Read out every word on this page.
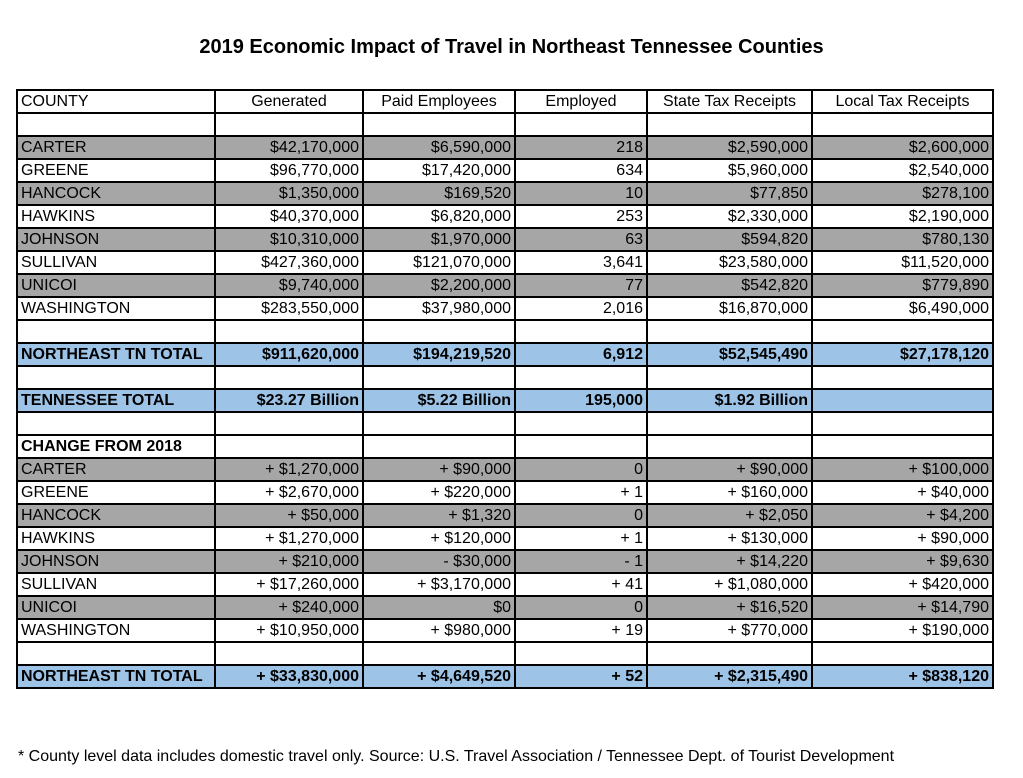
2019 Economic Impact of Travel in Northeast Tennessee Counties
COUNTY	Generated	Paid Employees	Employed	State Tax Receipts	Local Tax Receipts

CARTER	$42,170,000	$6,590,000	218	$2,590,000	$2,600,000
GREENE	$96,770,000	$17,420,000	634	$5,960,000	$2,540,000
HANCOCK	$1,350,000	$169,520	10	$77,850	$278,100
HAWKINS	$40,370,000	$6,820,000	253	$2,330,000	$2,190,000
JOHNSON	$10,310,000	$1,970,000	63	$594,820	$780,130
SULLIVAN	$427,360,000	$121,070,000	3,641	$23,580,000	$11,520,000
UNICOI	$9,740,000	$2,200,000	77	$542,820	$779,890
WASHINGTON	$283,550,000	$37,980,000	2,016	$16,870,000	$6,490,000

NORTHEAST TN TOTAL	$911,620,000	$194,219,520	6,912	$52,545,490	$27,178,120

TENNESSEE TOTAL	$23.27 Billion	$5.22 Billion	195,000	$1.92 Billion	

CHANGE FROM 2018					
CARTER	+ $1,270,000	+ $90,000	0	+ $90,000	+ $100,000
GREENE	+ $2,670,000	+ $220,000	+ 1	+ $160,000	+ $40,000
HANCOCK	+ $50,000	+ $1,320	0	+ $2,050	+ $4,200
HAWKINS	+ $1,270,000	+ $120,000	+ 1	+ $130,000	+ $90,000
JOHNSON	+ $210,000	- $30,000	- 1	+ $14,220	+ $9,630
SULLIVAN	+ $17,260,000	+ $3,170,000	+ 41	+ $1,080,000	+ $420,000
UNICOI	+ $240,000	$0	0	+ $16,520	+ $14,790
WASHINGTON	+ $10,950,000	+ $980,000	+ 19	+ $770,000	+ $190,000

NORTHEAST TN TOTAL	+ $33,830,000	+ $4,649,520	+ 52	+ $2,315,490	+ $838,120
* County level data includes domestic travel only. Source: U.S. Travel Association / Tennessee Dept. of Tourist Development
